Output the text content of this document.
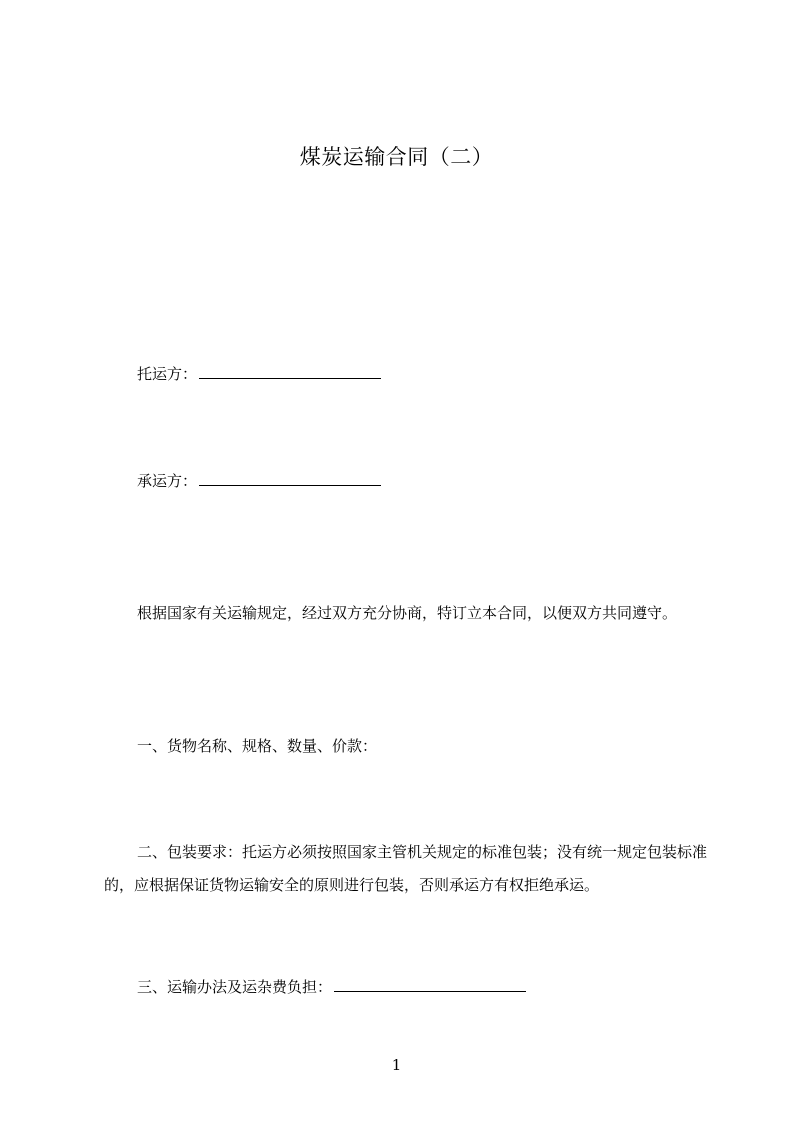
煤炭运输合同（二）
托运方：
承运方：
根据国家有关运输规定，经过双方充分协商，特订立本合同，以便双方共同遵守。
一、货物名称、规格、数量、价款：
二、包装要求：托运方必须按照国家主管机关规定的标准包装；没有统一规定包装标准的，应根据保证货物运输安全的原则进行包装，否则承运方有权拒绝承运。
三、运输办法及运杂费负担：
1
